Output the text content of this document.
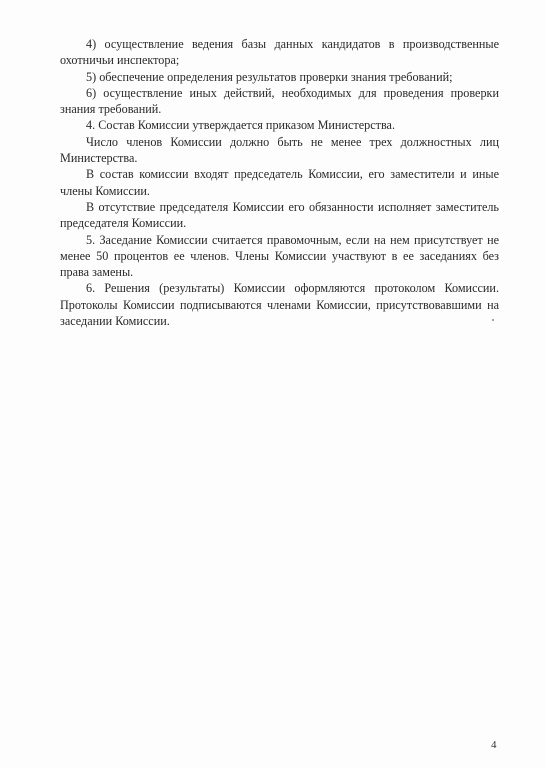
4) осуществление ведения базы данных кандидатов в производственные охотничьи инспектора;

5) обеспечение определения результатов проверки знания требований;

6) осуществление иных действий, необходимых для проведения проверки знания требований.

4. Состав Комиссии утверждается приказом Министерства.

Число членов Комиссии должно быть не менее трех должностных лиц Министерства.

В состав комиссии входят председатель Комиссии, его заместители и иные члены Комиссии.

В отсутствие председателя Комиссии его обязанности исполняет заместитель председателя Комиссии.

5. Заседание Комиссии считается правомочным, если на нем присутствует не менее 50 процентов ее членов. Члены Комиссии участвуют в ее заседаниях без права замены.

6. Решения (результаты) Комиссии оформляются протоколом Комиссии. Протоколы Комиссии подписываются членами Комиссии, присутствовавшими на заседании Комиссии.

4
